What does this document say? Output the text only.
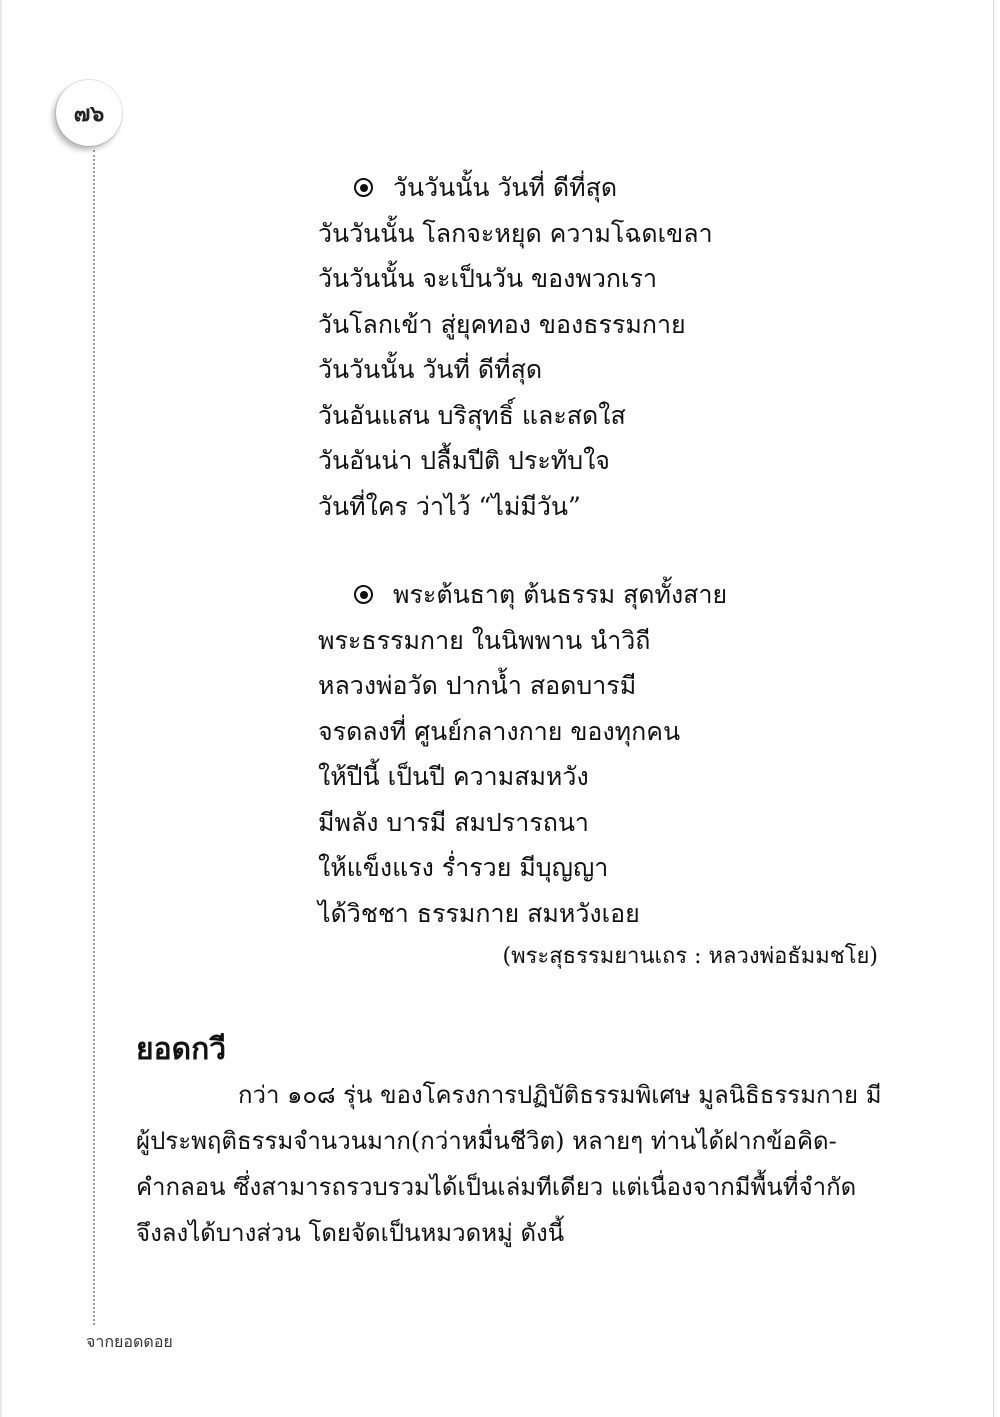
๗๖
วันวันนั้น วันที่ ดีที่สุด
วันวันนั้น โลกจะหยุด ความโฉดเขลา
วันวันนั้น จะเป็นวัน ของพวกเรา
วันโลกเข้า สู่ยุคทอง ของธรรมกาย
วันวันนั้น วันที่ ดีที่สุด
วันอันแสน บริสุทธิ์ และสดใส
วันอันน่า ปลื้มปีติ ประทับใจ
วันที่ใคร ว่าไว้ “ไม่มีวัน”
พระต้นธาตุ ต้นธรรม สุดทั้งสาย
พระธรรมกาย ในนิพพาน นำวิถี
หลวงพ่อวัด ปากน้ำ สอดบารมี
จรดลงที่ ศูนย์กลางกาย ของทุกคน
ให้ปีนี้ เป็นปี ความสมหวัง
มีพลัง บารมี สมปรารถนา
ให้แข็งแรง ร่ำรวย มีบุญญา
ได้วิชชา ธรรมกาย สมหวังเอย
(พระสุธรรมยานเถร : หลวงพ่อธัมมชโย)
ยอดกวี
กว่า ๑๐๘ รุ่น ของโครงการปฏิบัติธรรมพิเศษ มูลนิธิธรรมกาย มี
ผู้ประพฤติธรรมจำนวนมาก(กว่าหมื่นชีวิต) หลายๆ ท่านได้ฝากข้อคิด-
คำกลอน ซึ่งสามารถรวบรวมได้เป็นเล่มทีเดียว แต่เนื่องจากมีพื้นที่จำกัด
จึงลงได้บางส่วน โดยจัดเป็นหมวดหมู่ ดังนี้
จากยอดดอย
